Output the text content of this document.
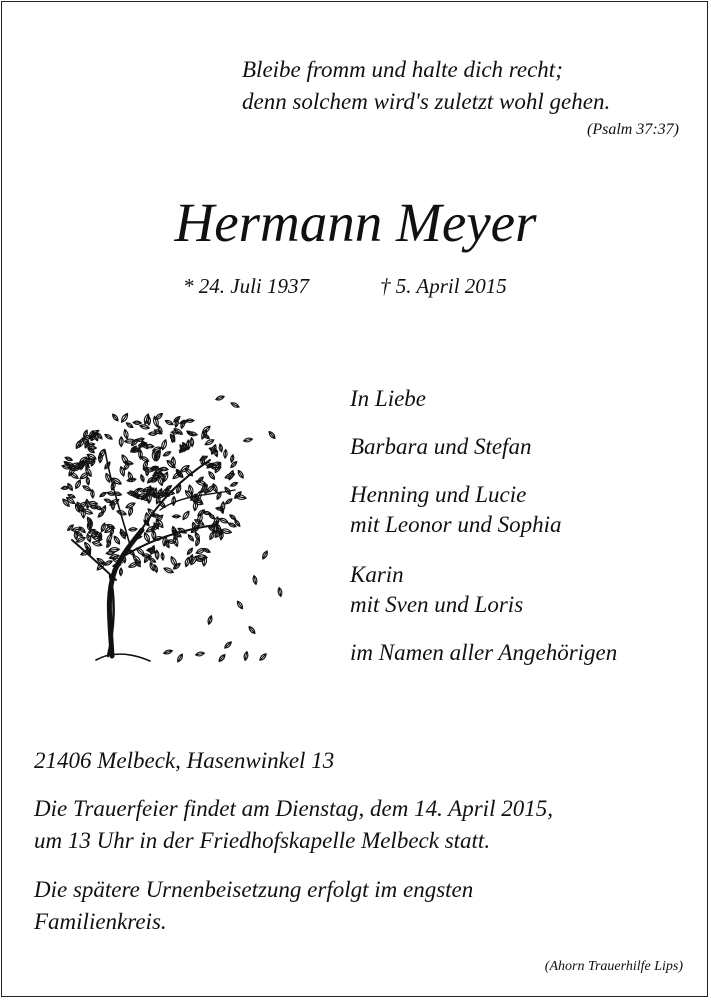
Bleibe fromm und halte dich recht;
denn solchem wird's zuletzt wohl gehen.
(Psalm 37:37)
Hermann Meyer
* 24. Juli 1937	† 5. April 2015
In Liebe
Barbara und Stefan
Henning und Lucie
mit Leonor und Sophia
Karin
mit Sven und Loris
im Namen aller Angehörigen
21406 Melbeck, Hasenwinkel 13
Die Trauerfeier findet am Dienstag, dem 14. April 2015,
um 13 Uhr in der Friedhofskapelle Melbeck statt.
Die spätere Urnenbeisetzung erfolgt im engsten
Familienkreis.
(Ahorn Trauerhilfe Lips)
